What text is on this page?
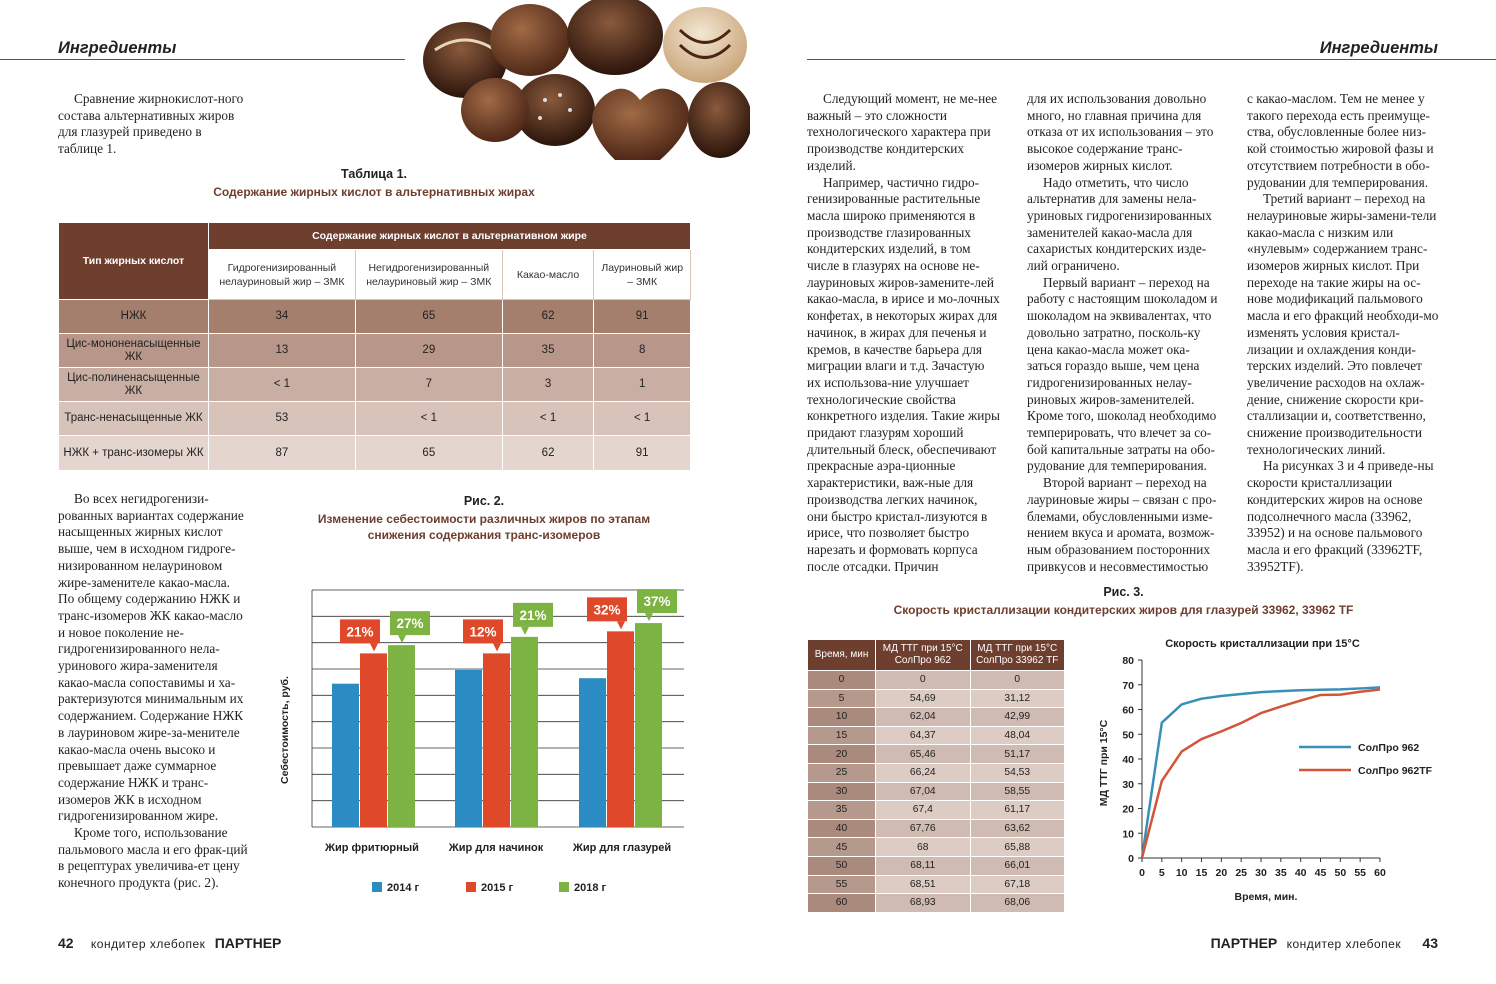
Ингредиенты	Ингредиенты

Сравнение жирнокислот-ного состава альтернативных жиров для глазурей приведено в таблице 1.

Таблица 1.
Содержание жирных кислот в альтернативных жирах
Тип жирных кислот	Содержание жирных кислот в альтернативном жире			
	Гидрогенизированный нелауриновый жир – ЗМК	Негидрогенизированный нелауриновый жир – ЗМК	Какао-масло	Лауриновый жир – ЗМК
НЖК	34	65	62	91
Цис-мононенасыщенные ЖК	13	29	35	8
Цис-полиненасыщенные ЖК	< 1	7	3	1
Транс-ненасыщенные ЖК	53	< 1	< 1	< 1
НЖК + транс-изомеры ЖК	87	65	62	91

Во всех негидрогенизи-рованных вариантах содержание насыщенных жирных кислот выше, чем в исходном гидроге-низированном нелауриновом жире-заменителе какао-масла. По общему содержанию НЖК и транс-изомеров ЖК какао-масло и новое поколение не-гидрогенизированного нела-уринового жира-заменителя какао-масла сопоставимы и ха-рактеризуются минимальным их содержанием. Содержание НЖК в лауриновом жире-за-менителе какао-масла очень высоко и превышает даже суммарное содержание НЖК и транс-изомеров ЖК в исходном гидрогенизированном жире.

Кроме того, использование пальмового масла и его фрак-ций в рецептурах увеличива-ет цену конечного продукта (рис. 2).

Рис. 2.
Изменение себестоимости различных жиров по этапам снижения содержания транс-изомеров
21%	12%
32%
27%
21%
37%
Себестоимость, руб.
Жир фритюрный	Жир для начинок	Жир для глазурей
2014 г	2015 г	2018 г

Следующий момент, не ме-нее важный – это сложности технологического характера при производстве кондитерских изделий.

Например, частично гидро-генизированные растительные масла широко применяются в производстве глазированных кондитерских изделий, в том числе в глазурях на основе не-лауриновых жиров-замените-лей какао-масла, в ирисе и мо-лочных конфетах, в некоторых жирах для начинок, в жирах для печенья и кремов, в качестве барьера для миграции влаги и т.д. Зачастую их использова-ние улучшает технологические свойства конкретного изделия. Такие жиры придают глазурям хороший длительный блеск, обеспечивают прекрасные аэра-ционные характеристики, важ-ные для производства легких начинок, они быстро кристал-лизуются в ирисе, что позволяет быстро нарезать и формовать корпуса после отсадки. Причин

для их использования довольно много, но главная причина для отказа от их использования – это высокое содержание транс-изомеров жирных кислот.

Надо отметить, что число альтернатив для замены нела-уриновых гидрогенизированных заменителей какао-масла для сахаристых кондитерских изде-лий ограничено.

Первый вариант – переход на работу с настоящим шоколадом и шоколадом на эквивалентах, что довольно затратно, посколь-ку цена какао-масла может ока-заться гораздо выше, чем цена гидрогенизированных нелау-риновых жиров-заменителей. Кроме того, шоколад необходимо темперировать, что влечет за со-бой капитальные затраты на обо-рудование для темперирования.

Второй вариант – переход на лауриновые жиры – связан с про-блемами, обусловленными изме-нением вкуса и аромата, возмож-ным образованием посторонних привкусов и несовместимостью

с какао-маслом. Тем не менее у такого перехода есть преимуще-ства, обусловленные более низ-кой стоимостью жировой фазы и отсутствием потребности в обо-рудовании для темперирования.

Третий вариант – переход на нелауриновые жиры-замени-тели какао-масла с низким или «нулевым» содержанием транс-изомеров жирных кислот. При переходе на такие жиры на ос-нове модификаций пальмового масла и его фракций необходи-мо изменять условия кристал-лизации и охлаждения конди-терских изделий. Это повлечет увеличение расходов на охлаж-дение, снижение скорости кри-сталлизации и, соответственно, снижение производительности технологических линий.

На рисунках 3 и 4 приведе-ны скорости кристаллизации кондитерских жиров на основе подсолнечного масла (33962, 33952) и на основе пальмового масла и его фракций (33962TF, 33952TF).

Рис. 3.
Скорость кристаллизации кондитерских жиров для глазурей 33962, 33962 TF
Время, мин	МД ТТГ при 15°С СолПро 962	МД ТТГ при 15°С СолПро 33962 TF
0	0	0
5	54,69	31,12
10	62,04	42,99
15	64,37	48,04
20	65,46	51,17
25	66,24	54,53
30	67,04	58,55
35	67,4	61,17
40	67,76	63,62
45	68	65,88
50	68,11	66,01
55	68,51	67,18
60	68,93	68,06
Скорость кристаллизации при 15°С
0
10
20
30
40
50
60
70
80
0 5 10 15 20 25 30 35 40 45 50 55 60
МД ТТГ при 15°С
Время, мин.
СолПро 962
СолПро 962TF
42 кондитер хлебопек ПАРТНЕР	ПАРТНЕР кондитер хлебопек 43
